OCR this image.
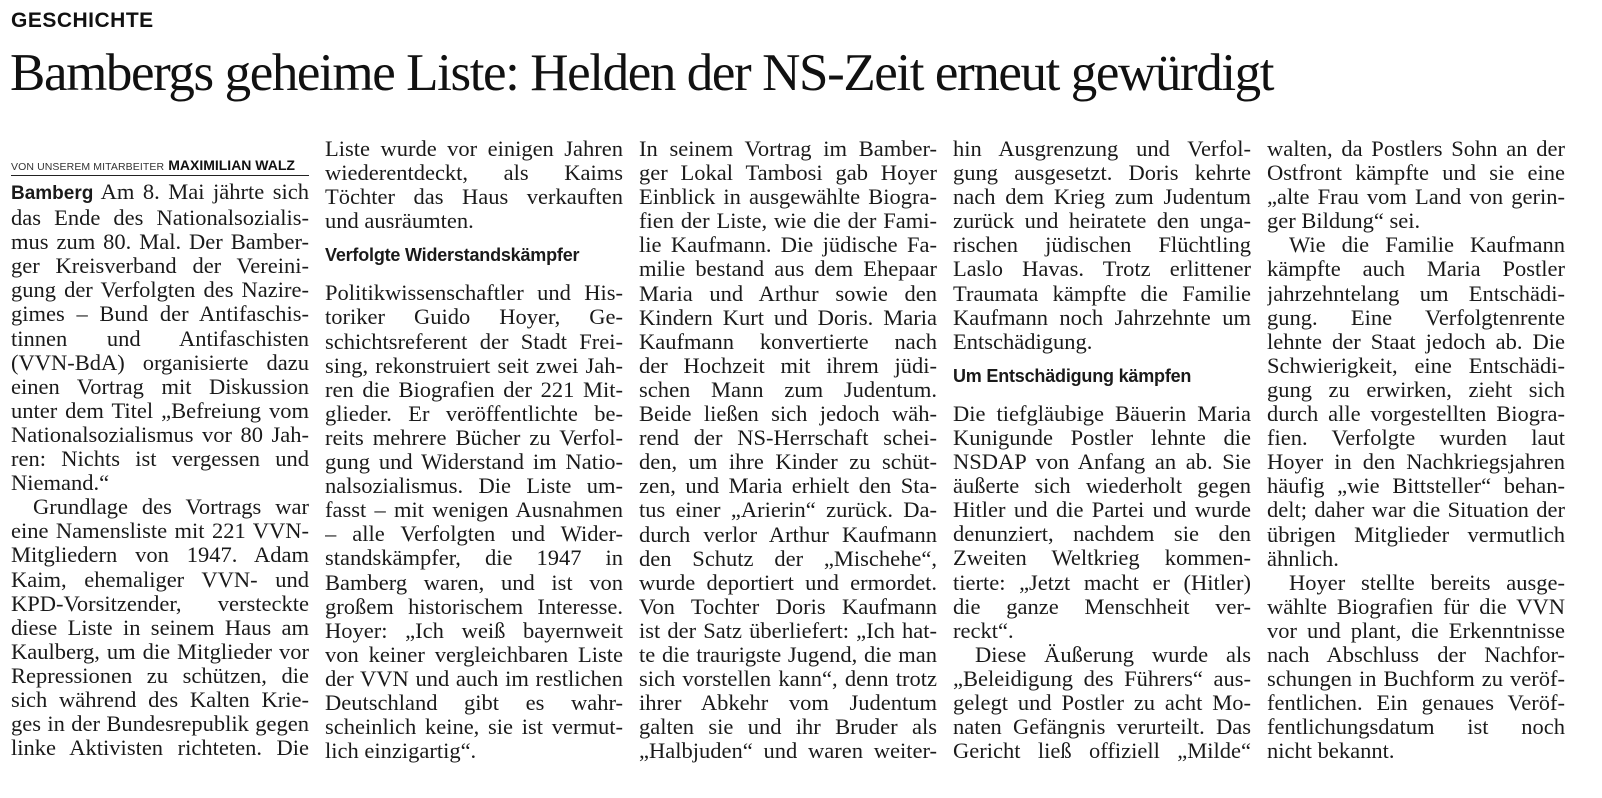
GESCHICHTE
Bambergs geheime Liste: Helden der NS-Zeit erneut gewürdigt
VON UNSEREM MITARBEITER MAXIMILIAN WALZ
Bamberg Am 8. Mai jährte sich
das Ende des Nationalsozialis-
mus zum 80. Mal. Der Bamber-
ger Kreisverband der Vereini-
gung der Verfolgten des Nazire-
gimes – Bund der Antifaschis-
tinnen und Antifaschisten
(VVN-BdA) organisierte dazu
einen Vortrag mit Diskussion
unter dem Titel „Befreiung vom
Nationalsozialismus vor 80 Jah-
ren: Nichts ist vergessen und
Niemand.“
Grundlage des Vortrags war
eine Namensliste mit 221 VVN-
Mitgliedern von 1947. Adam
Kaim, ehemaliger VVN- und
KPD-Vorsitzender, versteckte
diese Liste in seinem Haus am
Kaulberg, um die Mitglieder vor
Repressionen zu schützen, die
sich während des Kalten Krie-
ges in der Bundesrepublik gegen
linke Aktivisten richteten. Die
Liste wurde vor einigen Jahren
wiederentdeckt, als Kaims
Töchter das Haus verkauften
und ausräumten.
Verfolgte Widerstandskämpfer
Politikwissenschaftler und His-
toriker Guido Hoyer, Ge-
schichtsreferent der Stadt Frei-
sing, rekonstruiert seit zwei Jah-
ren die Biografien der 221 Mit-
glieder. Er veröffentlichte be-
reits mehrere Bücher zu Verfol-
gung und Widerstand im Natio-
nalsozialismus. Die Liste um-
fasst – mit wenigen Ausnahmen
– alle Verfolgten und Wider-
standskämpfer, die 1947 in
Bamberg waren, und ist von
großem historischem Interesse.
Hoyer: „Ich weiß bayernweit
von keiner vergleichbaren Liste
der VVN und auch im restlichen
Deutschland gibt es wahr-
scheinlich keine, sie ist vermut-
lich einzigartig“.
In seinem Vortrag im Bamber-
ger Lokal Tambosi gab Hoyer
Einblick in ausgewählte Biogra-
fien der Liste, wie die der Fami-
lie Kaufmann. Die jüdische Fa-
milie bestand aus dem Ehepaar
Maria und Arthur sowie den
Kindern Kurt und Doris. Maria
Kaufmann konvertierte nach
der Hochzeit mit ihrem jüdi-
schen Mann zum Judentum.
Beide ließen sich jedoch wäh-
rend der NS-Herrschaft schei-
den, um ihre Kinder zu schüt-
zen, und Maria erhielt den Sta-
tus einer „Arierin“ zurück. Da-
durch verlor Arthur Kaufmann
den Schutz der „Mischehe“,
wurde deportiert und ermordet.
Von Tochter Doris Kaufmann
ist der Satz überliefert: „Ich hat-
te die traurigste Jugend, die man
sich vorstellen kann“, denn trotz
ihrer Abkehr vom Judentum
galten sie und ihr Bruder als
„Halbjuden“ und waren weiter-
hin Ausgrenzung und Verfol-
gung ausgesetzt. Doris kehrte
nach dem Krieg zum Judentum
zurück und heiratete den unga-
rischen jüdischen Flüchtling
Laslo Havas. Trotz erlittener
Traumata kämpfte die Familie
Kaufmann noch Jahrzehnte um
Entschädigung.
Um Entschädigung kämpfen
Die tiefgläubige Bäuerin Maria
Kunigunde Postler lehnte die
NSDAP von Anfang an ab. Sie
äußerte sich wiederholt gegen
Hitler und die Partei und wurde
denunziert, nachdem sie den
Zweiten Weltkrieg kommen-
tierte: „Jetzt macht er (Hitler)
die ganze Menschheit ver-
reckt“.
Diese Äußerung wurde als
„Beleidigung des Führers“ aus-
gelegt und Postler zu acht Mo-
naten Gefängnis verurteilt. Das
Gericht ließ offiziell „Milde“
walten, da Postlers Sohn an der
Ostfront kämpfte und sie eine
„alte Frau vom Land von gerin-
ger Bildung“ sei.
Wie die Familie Kaufmann
kämpfte auch Maria Postler
jahrzehntelang um Entschädi-
gung. Eine Verfolgtenrente
lehnte der Staat jedoch ab. Die
Schwierigkeit, eine Entschädi-
gung zu erwirken, zieht sich
durch alle vorgestellten Biogra-
fien. Verfolgte wurden laut
Hoyer in den Nachkriegsjahren
häufig „wie Bittsteller“ behan-
delt; daher war die Situation der
übrigen Mitglieder vermutlich
ähnlich.
Hoyer stellte bereits ausge-
wählte Biografien für die VVN
vor und plant, die Erkenntnisse
nach Abschluss der Nachfor-
schungen in Buchform zu veröf-
fentlichen. Ein genaues Veröf-
fentlichungsdatum ist noch
nicht bekannt.
